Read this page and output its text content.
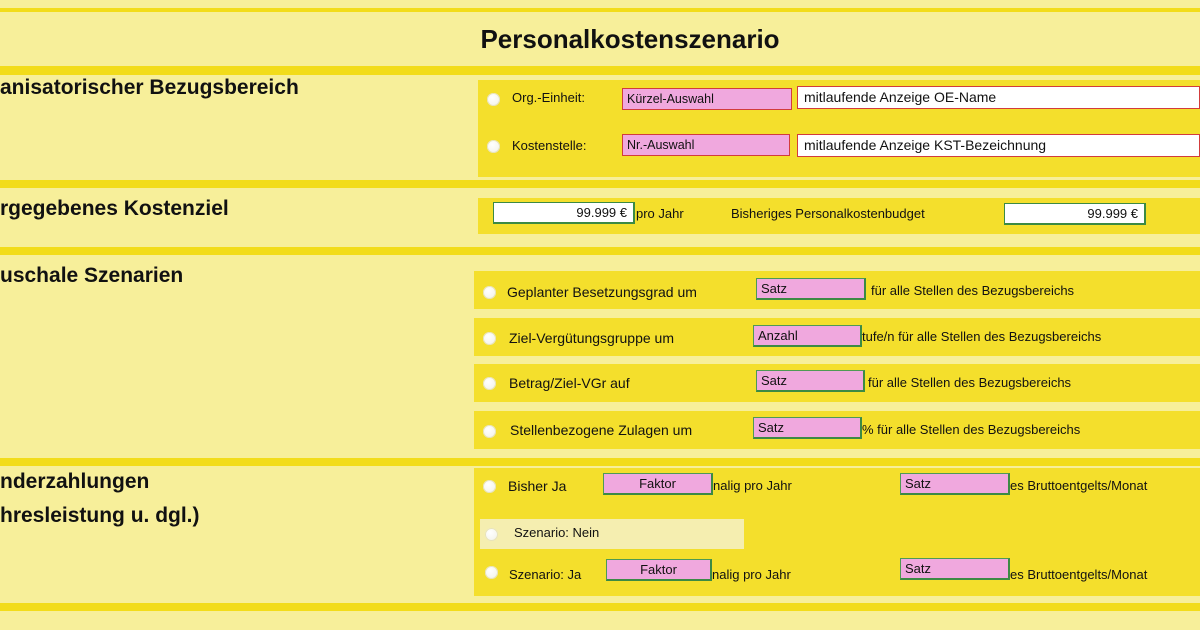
Personalkostenszenario
anisatorischer Bezugsbereich
rgegebenes Kostenziel
uschale Szenarien
nderzahlungen
hresleistung u. dgl.)
Org.-Einheit:	Kürzel-Auswahl	mitlaufende Anzeige OE-Name
Kostenstelle:	Nr.-Auswahl	mitlaufende Anzeige KST-Bezeichnung
99.999 € pro Jahr	Bisheriges Personalkostenbudget	99.999 €
Geplanter Besetzungsgrad um	Satz	für alle Stellen des Bezugsbereichs
Ziel-Vergütungsgruppe um	Anzahl	tufe/n für alle Stellen des Bezugsbereichs
Betrag/Ziel-VGr auf	Satz	für alle Stellen des Bezugsbereichs
Stellenbezogene Zulagen um	Satz	% für alle Stellen des Bezugsbereichs
Bisher Ja	Faktor	nalig pro Jahr	Satz	es Bruttoentgelts/Monat
Szenario: Nein
Szenario: Ja	Faktor	nalig pro Jahr	Satz	es Bruttoentgelts/Monat
